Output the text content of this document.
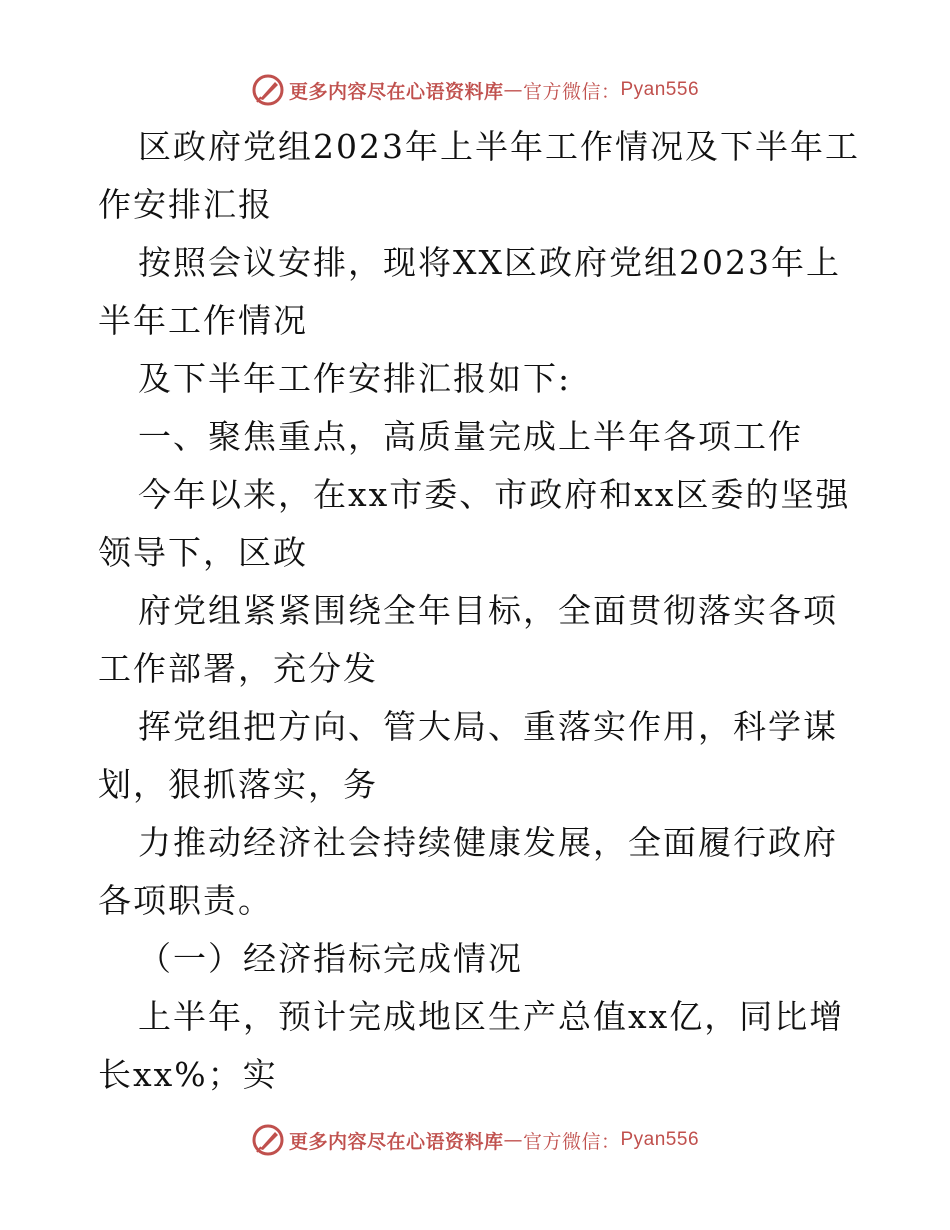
更多内容尽在心语资料库 — 官方微信： Pyan556

区政府党组2023年上半年工作情况及下半年工作安排汇报

按照会议安排，现将XX区政府党组2023年上半年工作情况

及下半年工作安排汇报如下:

一、聚焦重点，高质量完成上半年各项工作

今年以来，在xx市委、市政府和xx区委的坚强领导下，区政

府党组紧紧围绕全年目标，全面贯彻落实各项工作部署，充分发

挥党组把方向、管大局、重落实作用，科学谋划，狠抓落实，务

力推动经济社会持续健康发展，全面履行政府各项职责。

（一）经济指标完成情况

上半年，预计完成地区生产总值xx亿，同比增长xx%；实

更多内容尽在心语资料库 — 官方微信： Pyan556
